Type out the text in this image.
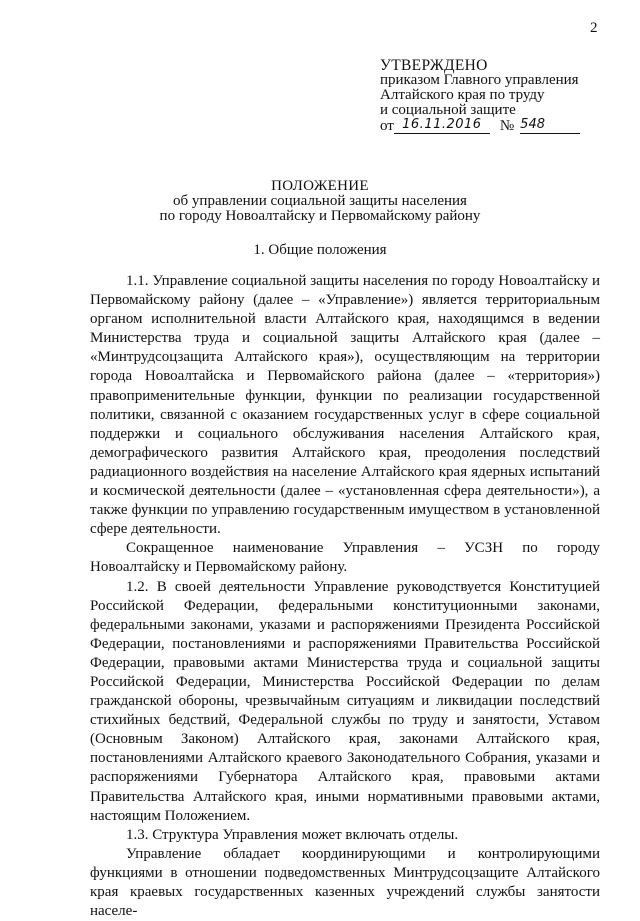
2
УТВЕРЖДЕНО
приказом Главного управления
Алтайского края по труду
и социальной защите
от 16.11.2016	№ 548
ПОЛОЖЕНИЕ
об управлении социальной защиты населения
по городу Новоалтайску и Первомайскому району
1. Общие положения

1.1. Управление социальной защиты населения по городу Новоалтайску и Первомайскому району (далее – «Управление») является территориальным органом исполнительной власти Алтайского края, находящимся в ведении Министерства труда и социальной защиты Алтайского края (далее – «Минтрудсоцзащита Алтайского края»), осуществляющим на территории города Новоалтайска и Первомайского района (далее – «территория») правоприменительные функции, функции по реализации государственной политики, связанной с оказанием государственных услуг в сфере социальной поддержки и социального обслуживания населения Алтайского края, демографического развития Алтайского края, преодоления последствий радиационного воздействия на население Алтайского края ядерных испытаний и космической деятельности (далее – «установленная сфера деятельности»), а также функции по управлению государственным имуществом в установленной сфере деятельности.

Сокращенное наименование Управления – УСЗН по городу Новоалтайску и Первомайскому району.

1.2. В своей деятельности Управление руководствуется Конституцией Российской Федерации, федеральными конституционными законами, федеральными законами, указами и распоряжениями Президента Российской Федерации, постановлениями и распоряжениями Правительства Российской Федерации, правовыми актами Министерства труда и социальной защиты Российской Федерации, Министерства Российской Федерации по делам гражданской обороны, чрезвычайным ситуациям и ликвидации последствий стихийных бедствий, Федеральной службы по труду и занятости, Уставом (Основным Законом) Алтайского края, законами Алтайского края, постановлениями Алтайского краевого Законодательного Собрания, указами и распоряжениями Губернатора Алтайского края, правовыми актами Правительства Алтайского края, иными нормативными правовыми актами, настоящим Положением.

1.3. Структура Управления может включать отделы.

Управление обладает координирующими и контролирующими функциями в отношении подведомственных Минтрудсоцзащите Алтайского края краевых государственных казенных учреждений службы занятости населе-
